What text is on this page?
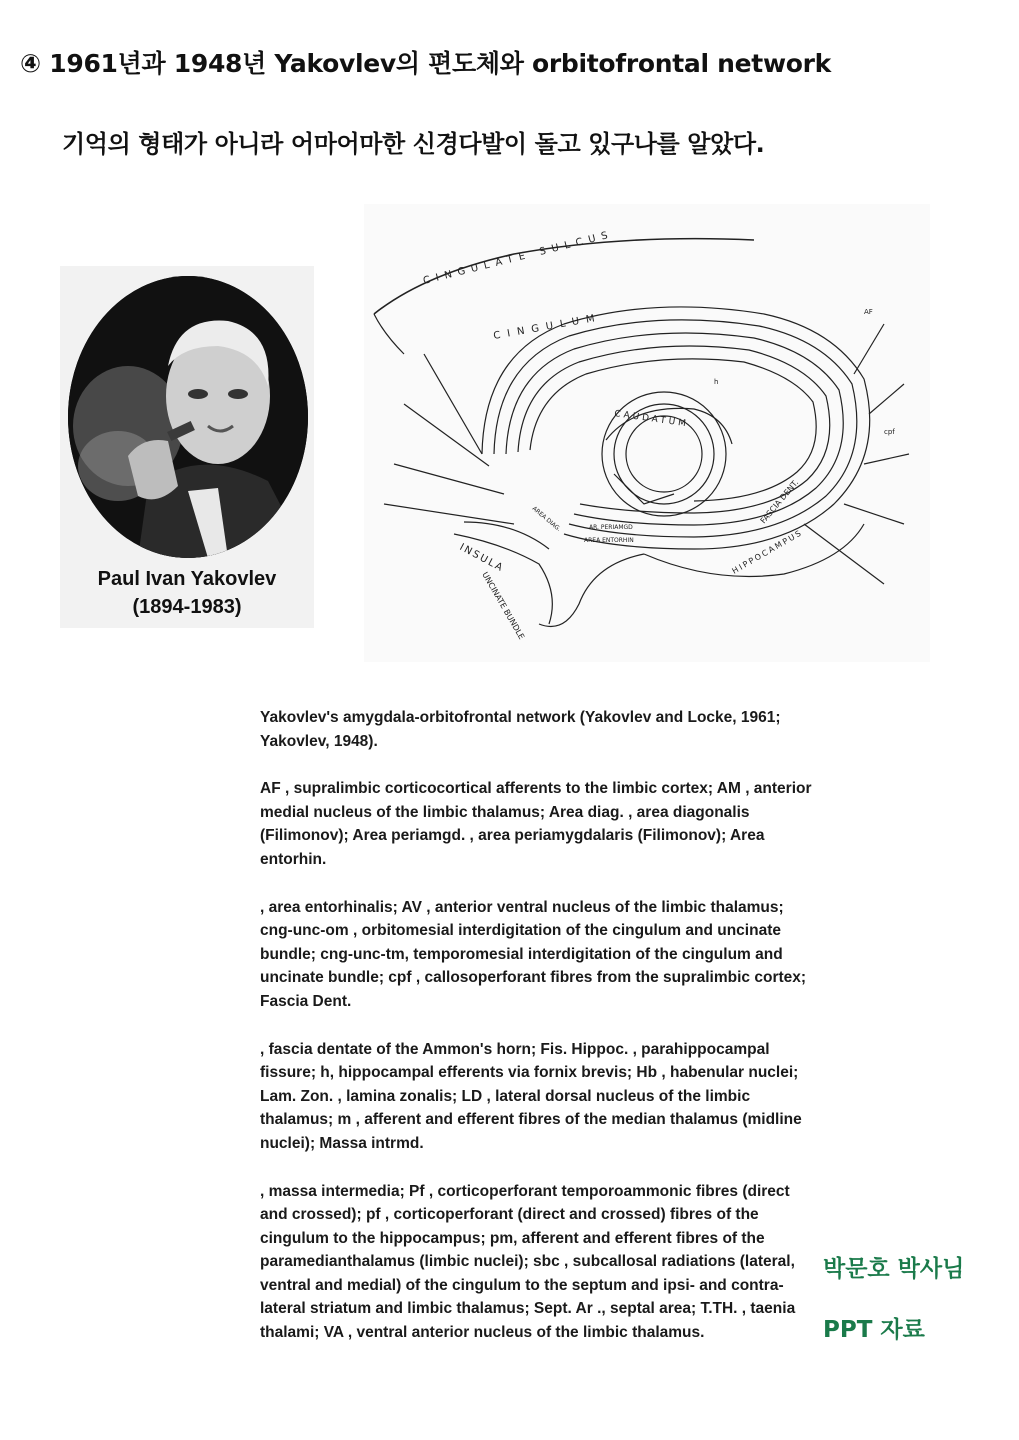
④ 1961년과 1948년 Yakovlev의 편도체와 orbitofrontal network
기억의 형태가 아니라 어마어마한 신경다발이 돌고 있구나를 알았다.
Paul Ivan Yakovlev
(1894-1983)
CINGULATE SULCUS
CINGULUM
CAUDATUM
INSULA
UNCINATE BUNDLE
HIPPOCAMPUS
FASCIA DENT.
AREA DIAG.	AR. PERIAMGD
AREA ENTORHIN
cpf
AF
h

Yakovlev's amygdala-orbitofrontal network (Yakovlev and Locke, 1961; Yakovlev, 1948).

AF , supralimbic corticocortical afferents to the limbic cortex; AM , anterior medial nucleus of the limbic thalamus; Area diag. , area diagonalis (Filimonov); Area periamgd. , area periamygdalaris (Filimonov); Area entorhin.

, area entorhinalis; AV , anterior ventral nucleus of the limbic thalamus; cng-unc-om , orbitomesial interdigitation of the cingulum and uncinate bundle; cng-unc-tm, temporomesial interdigitation of the cingulum and uncinate bundle; cpf , callosoperforant fibres from the supralimbic cortex; Fascia Dent.

, fascia dentate of the Ammon's horn; Fis. Hippoc. , parahippocampal fissure; h, hippocampal efferents via fornix brevis; Hb , habenular nuclei; Lam. Zon. , lamina zonalis; LD , lateral dorsal nucleus of the limbic thalamus; m , afferent and efferent fibres of the median thalamus (midline nuclei); Massa intrmd.

, massa intermedia; Pf , corticoperforant temporoammonic fibres (direct and crossed); pf , corticoperforant (direct and crossed) fibres of the cingulum to the hippocampus; pm, afferent and efferent fibres of the paramedianthalamus (limbic nuclei); sbc , subcallosal radiations (lateral, ventral and medial) of the cingulum to the septum and ipsi- and contra-lateral striatum and limbic thalamus; Sept. Ar ., septal area; T.TH. , taenia thalami; VA , ventral anterior nucleus of the limbic thalamus.

박문호 박사님
PPT 자료
